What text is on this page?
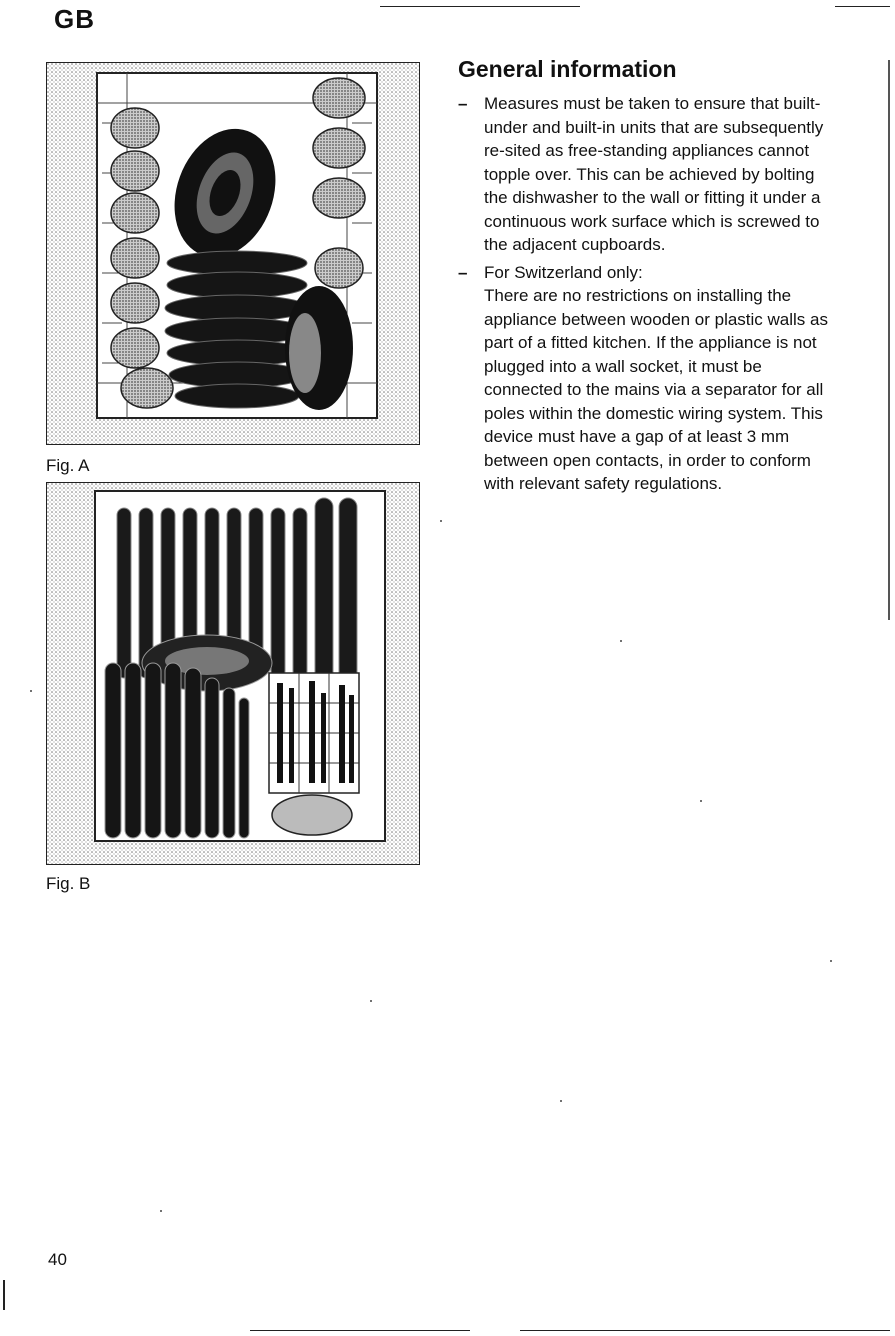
GB
Fig. A
Fig. B
General information
– Measures must be taken to ensure that built-under and built-in units that are subsequently re-sited as free-standing appliances cannot topple over. This can be achieved by bolting the dishwasher to the wall or fitting it under a continuous work surface which is screwed to the adjacent cupboards.
– For Switzerland only:
There are no restrictions on installing the appliance between wooden or plastic walls as part of a fitted kitchen. If the appliance is not plugged into a wall socket, it must be connected to the mains via a separator for all poles within the domestic wiring system. This device must have a gap of at least 3 mm between open contacts, in order to conform with relevant safety regulations.
40
